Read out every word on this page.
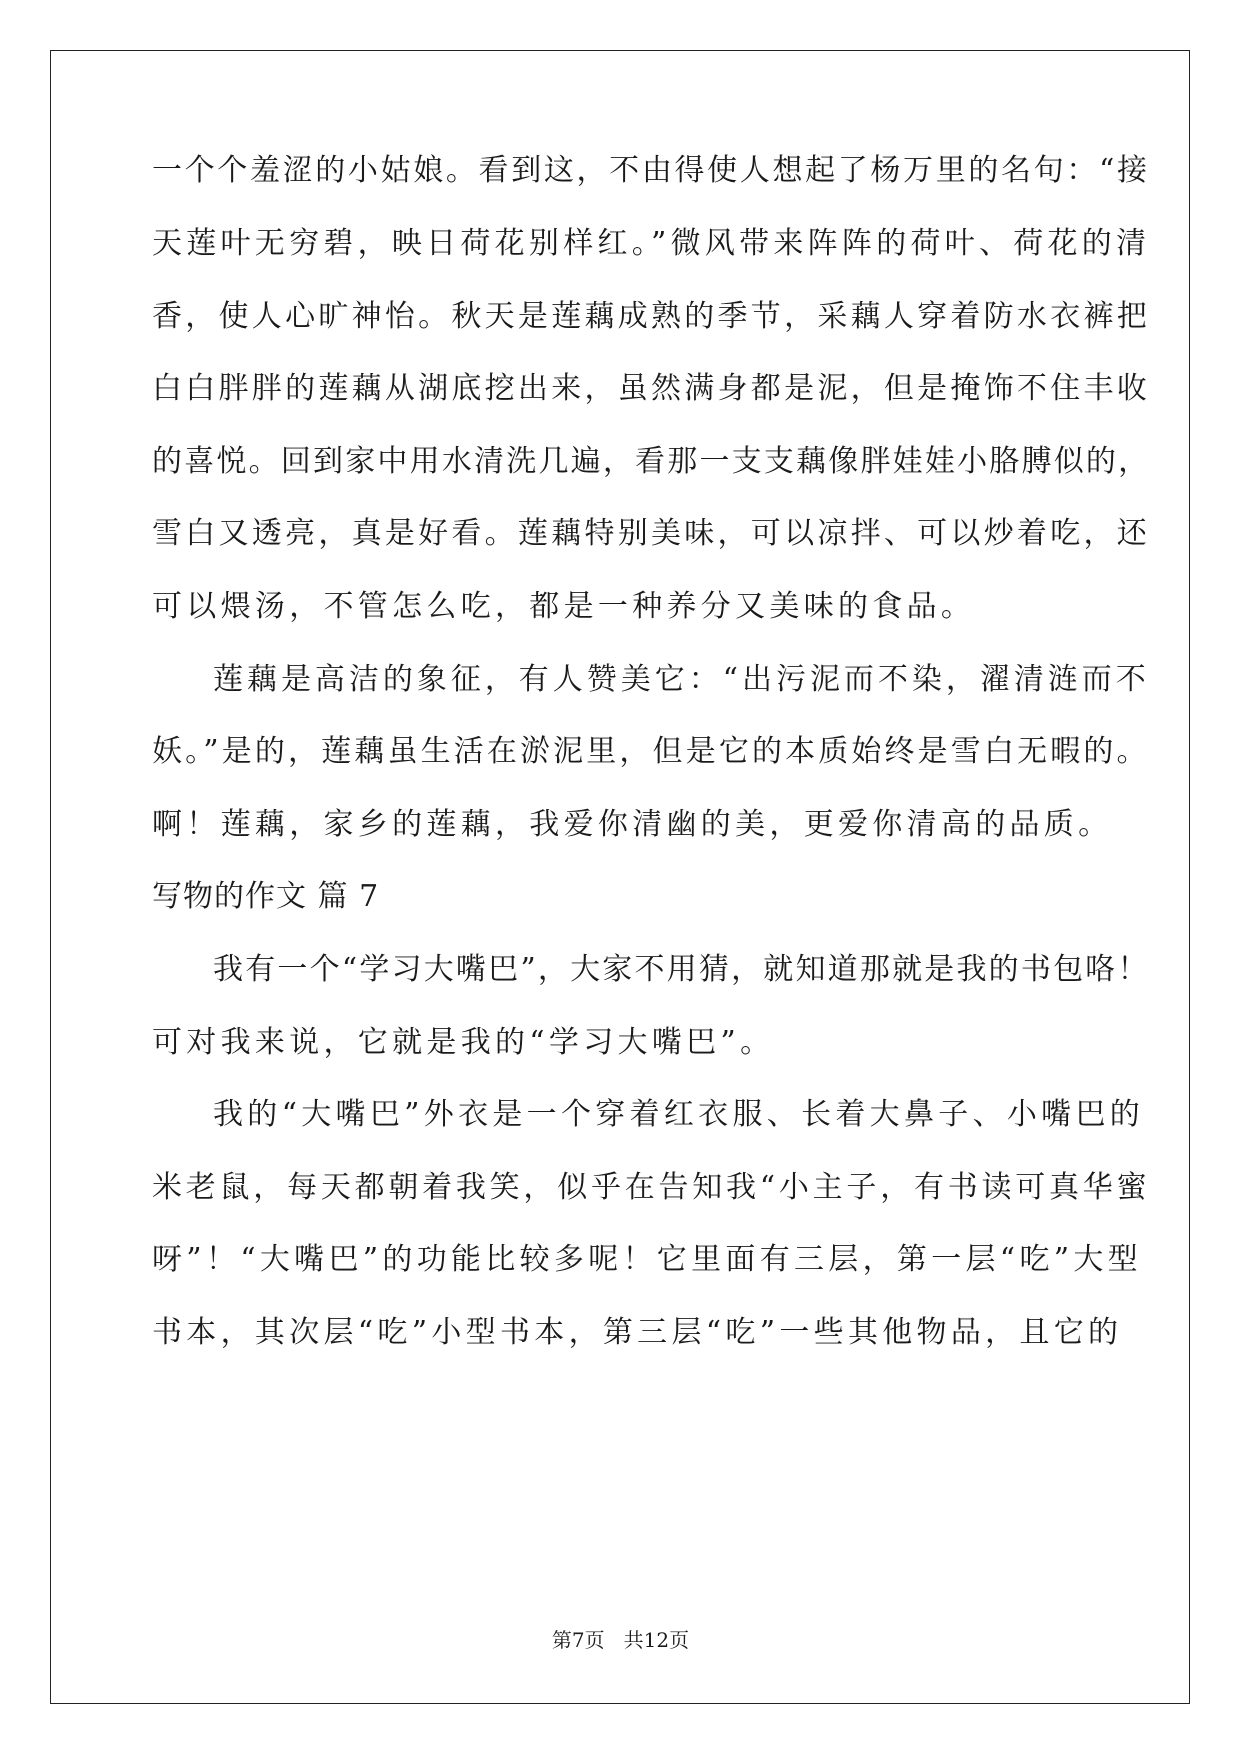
一个个羞涩的小姑娘。看到这，不由得使人想起了杨万里的名句：“接
天莲叶无穷碧，映日荷花别样红。”微风带来阵阵的荷叶、荷花的清
香，使人心旷神怡。秋天是莲藕成熟的季节，采藕人穿着防水衣裤把
白白胖胖的莲藕从湖底挖出来，虽然满身都是泥，但是掩饰不住丰收
的喜悦。回到家中用水清洗几遍，看那一支支藕像胖娃娃小胳膊似的，
雪白又透亮，真是好看。莲藕特别美味，可以凉拌、可以炒着吃，还
可以煨汤，不管怎么吃，都是一种养分又美味的食品。
莲藕是高洁的象征，有人赞美它：“出污泥而不染，濯清涟而不
妖。”是的，莲藕虽生活在淤泥里，但是它的本质始终是雪白无暇的。
啊！莲藕，家乡的莲藕，我爱你清幽的美，更爱你清高的品质。
写物的作文 篇 7
我有一个“学习大嘴巴”，大家不用猜，就知道那就是我的书包咯！
可对我来说，它就是我的“学习大嘴巴”。
我的“大嘴巴”外衣是一个穿着红衣服、长着大鼻子、小嘴巴的
米老鼠，每天都朝着我笑，似乎在告知我“小主子，有书读可真华蜜
呀”！“大嘴巴”的功能比较多呢！它里面有三层，第一层“吃”大型
书本，其次层“吃”小型书本，第三层“吃”一些其他物品，且它的
第7页   共12页
